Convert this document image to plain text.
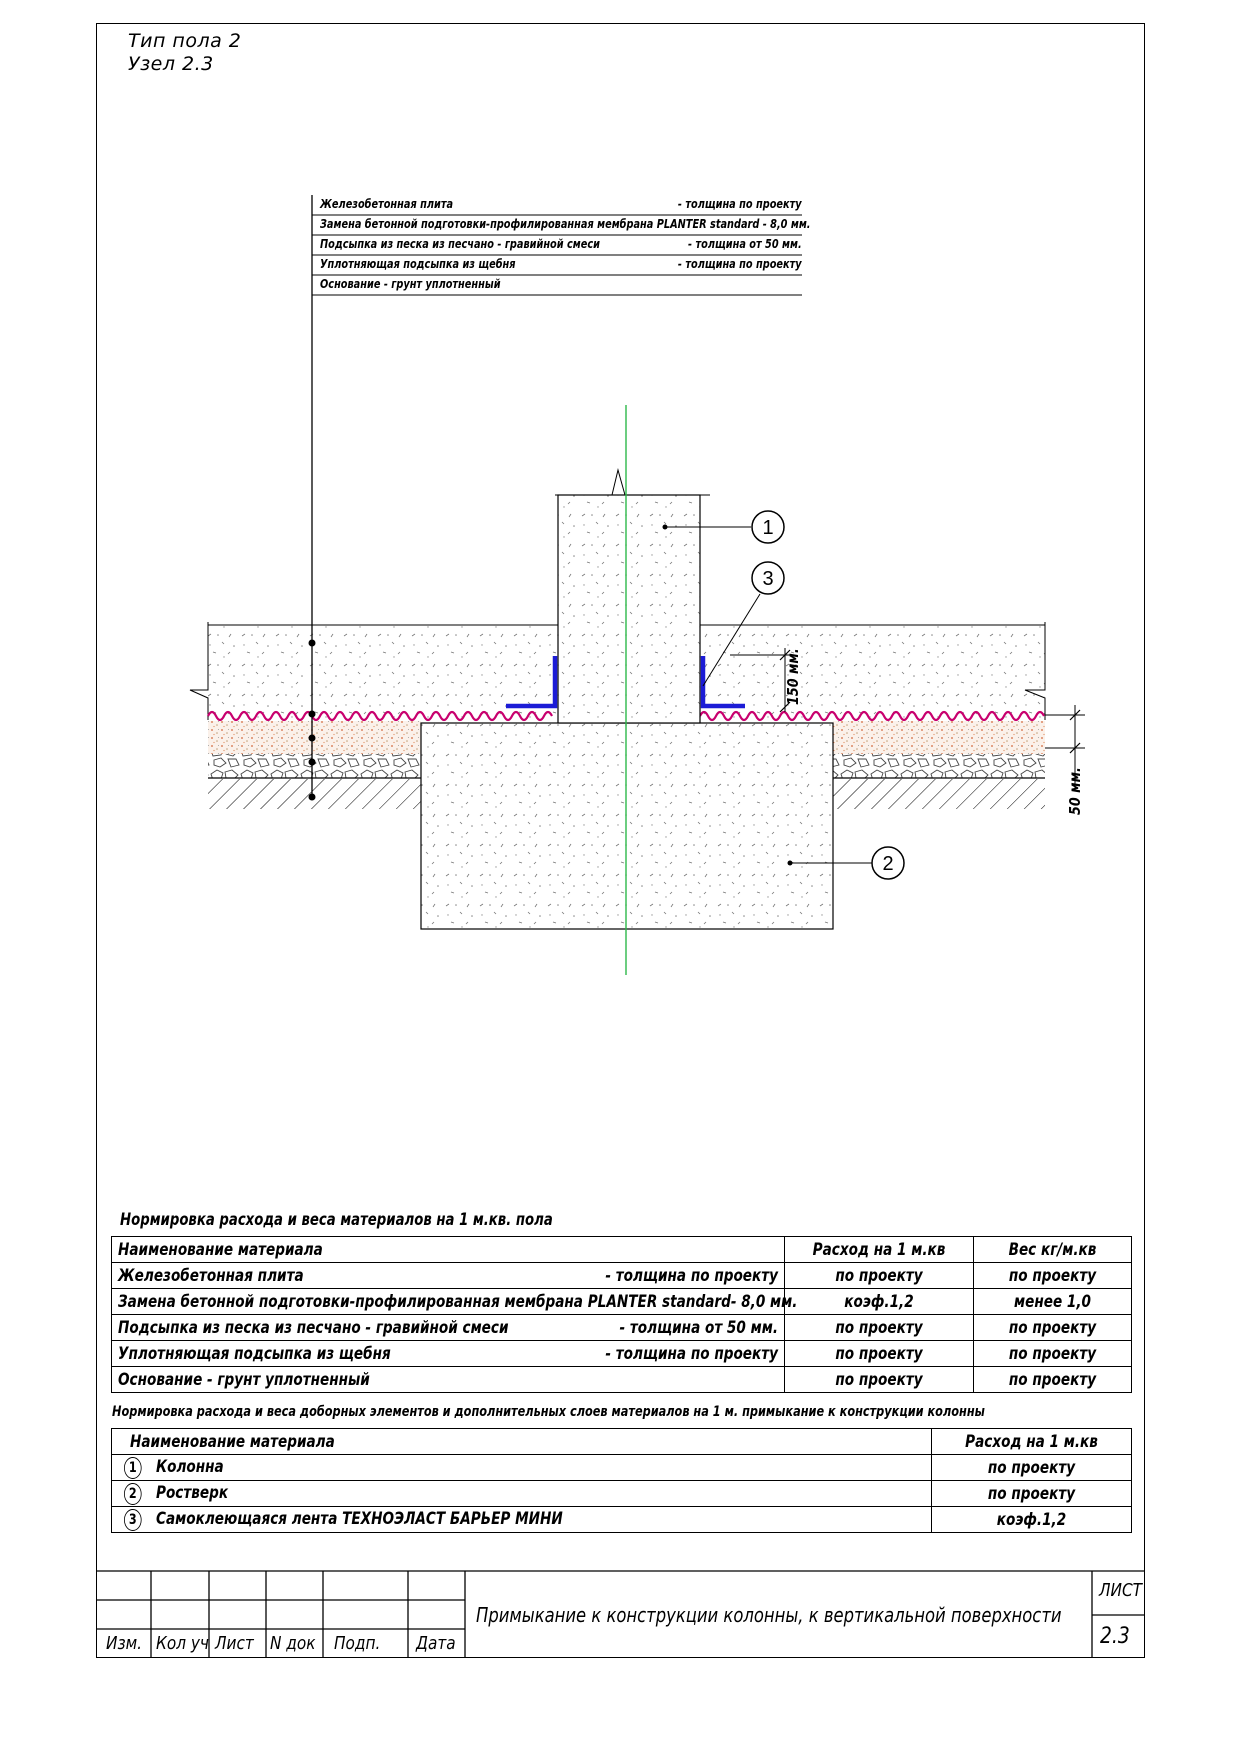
Тип пола 2
Узел 2.3
1
3
2
150 мм.
50 мм.
Железобетонная плита	- толщина по проекту
Замена бетонной подготовки-профилированная мембрана PLANTER standard - 8,0 мм.
Подсыпка из песка из песчано - гравийной смеси	- толщина от 50 мм.
Уплотняющая подсыпка из щебня	- толщина по проекту
Основание - грунт уплотненный
Нормировка расхода и веса материалов на 1 м.кв. пола
Наименование материала	Расход на 1 м.кв	Вес кг/м.кв

Железобетонная плита - толщина по проекту	по проекту	по проекту

Замена бетонной подготовки-профилированная мембрана PLANTER standard - 8,0 мм.	коэф.1,2	менее 1,0

Подсыпка из песка из песчано - гравийной смеси - толщина от 50 мм.	по проекту	по проекту

Уплотняющая подсыпка из щебня - толщина по проекту	по проекту	по проекту

Основание - грунт уплотненный	по проекту	по проекту
Нормировка расхода и веса доборных элементов и дополнительных слоев материалов на 1 м. примыкание к конструкции колонны
Наименование материала	Расход на 1 м.кв

1 Колонна	по проекту

2 Ростверк	по проекту

3 Самоклеющаяся лента ТЕХНОЭЛАСТ БАРЬЕР МИНИ	коэф.1,2
Изм. Кол уч Лист N док Подп. Дата
Примыкание к конструкции колонны, к вертикальной поверхности
ЛИСТ
2.3
